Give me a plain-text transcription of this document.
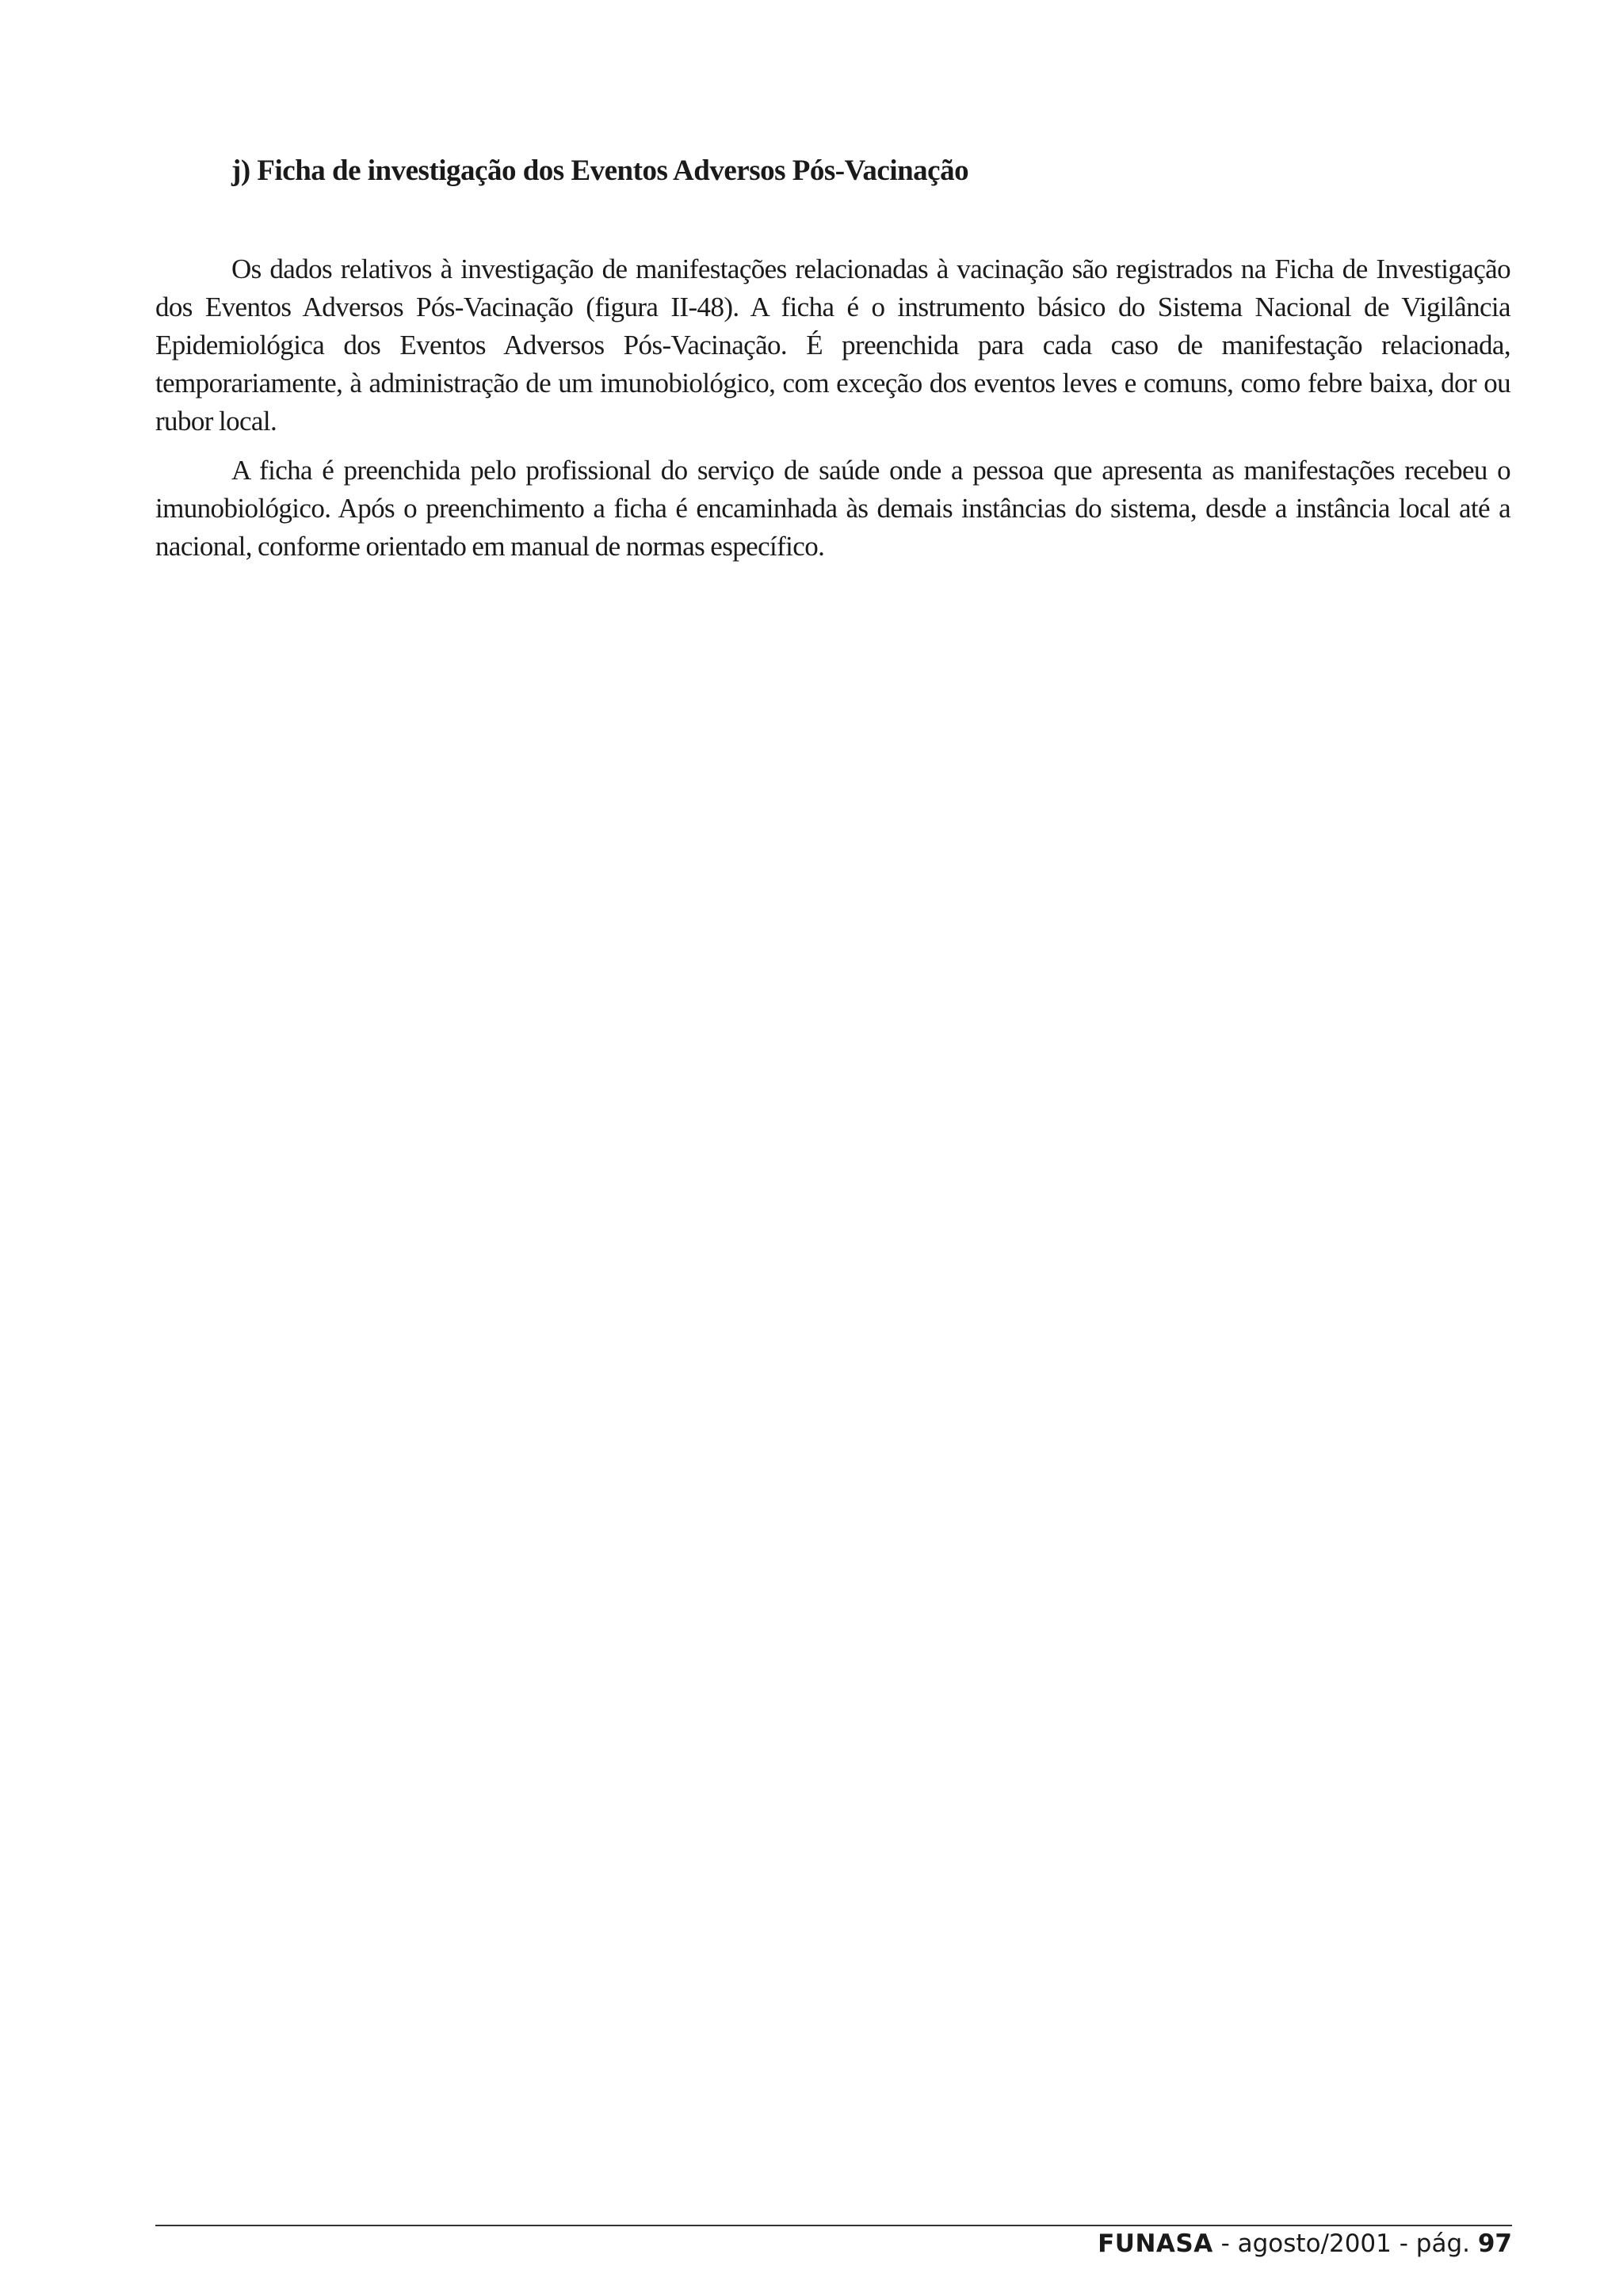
j) Ficha de investigação dos Eventos Adversos Pós-Vacinação

Os dados relativos à investigação de manifestações relacionadas à vacinação são registrados na Ficha de Investigação dos Eventos Adversos Pós-Vacinação (figura II-48). A ficha é o instrumento básico do Sistema Nacional de Vigilância Epidemiológica dos Eventos Adversos Pós-Vacinação. É preenchida para cada caso de manifestação relacionada, temporariamente, à administração de um imunobiológico, com exceção dos eventos leves e comuns, como febre baixa, dor ou rubor local.

A ficha é preenchida pelo profissional do serviço de saúde onde a pessoa que apresenta as manifestações recebeu o imunobiológico. Após o preenchimento a ficha é encaminhada às demais instâncias do sistema, desde a instância local até a nacional, conforme orientado em manual de normas específico.

FUNASA - agosto/2001 - pág.
97
